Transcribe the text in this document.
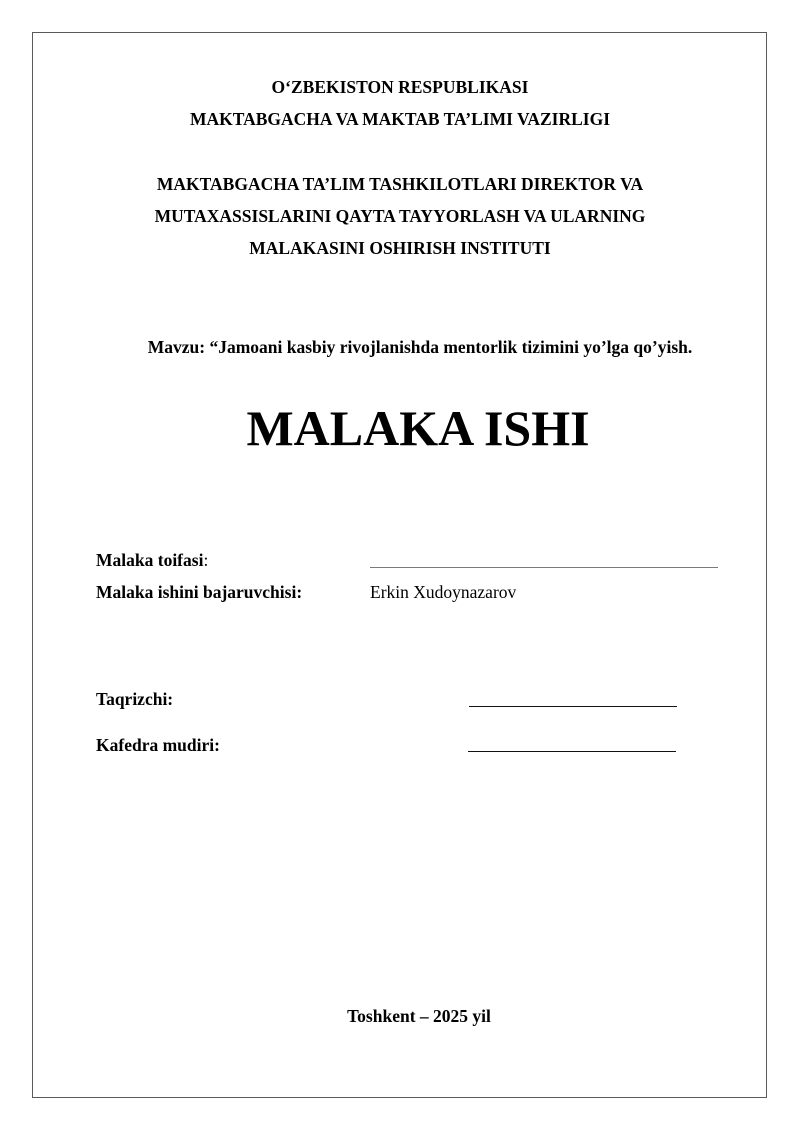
O‘ZBEKISTON RESPUBLIKASI
MAKTABGACHA VA MAKTAB TA’LIMI VAZIRLIGI
MAKTABGACHA TA’LIM TASHKILOTLARI DIREKTOR VA
MUTAXASSISLARINI QAYTA TAYYORLASH VA ULARNING
MALAKASINI OSHIRISH INSTITUTI
Mavzu: “Jamoani kasbiy rivojlanishda mentorlik tizimini yo’lga qo’yish.
MALAKA ISHI
Malaka toifasi:
Malaka ishini bajaruvchisi:	Erkin Xudoynazarov
Taqrizchi:
Kafedra mudiri:
Toshkent – 2025 yil
